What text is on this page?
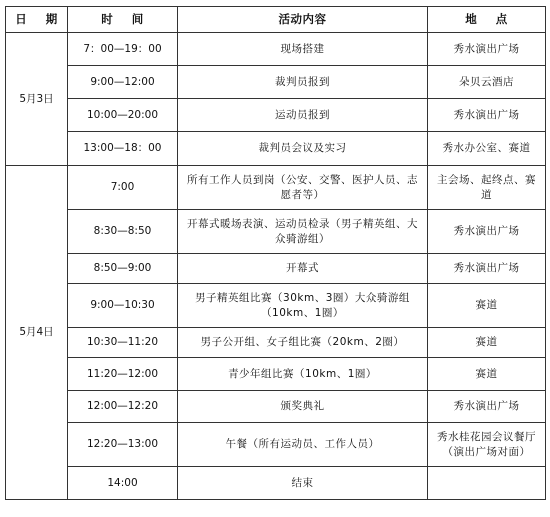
日 期	时 间	活动内容	地 点
5月3日	7：00—19：00	现场搭建	秀水演出广场
	9:00—12:00	裁判员报到	朵贝云酒店
	10:00—20:00	运动员报到	秀水演出广场
	13:00—18：00	裁判员会议及实习	秀水办公室、赛道
5月4日	7:00	所有工作人员到岗（公安、交警、医护人员、志愿者等）	主会场、起终点、赛道
	8:30—8:50	开幕式暖场表演、运动员检录（男子精英组、大众骑游组）	秀水演出广场
	8:50—9:00	开幕式	秀水演出广场
	9:00—10:30	男子精英组比赛（30km、3圈）大众骑游组（10km、1圈）	赛道
	10:30—11:20	男子公开组、女子组比赛（20km、2圈）	赛道
	11:20—12:00	青少年组比赛（10km、1圈）	赛道
	12:00—12:20	颁奖典礼	秀水演出广场
	12:20—13:00	午餐（所有运动员、工作人员）	秀水桂花园会议餐厅（演出广场对面）
	14:00	结束	
